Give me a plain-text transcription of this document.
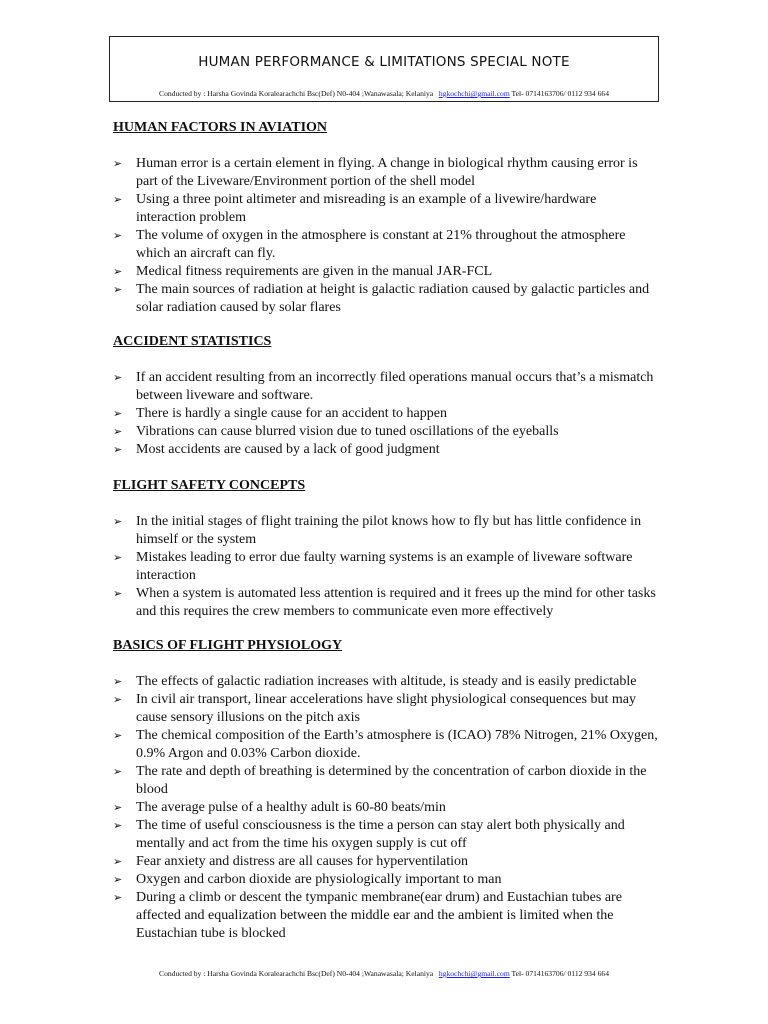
HUMAN PERFORMANCE & LIMITATIONS SPECIAL NOTE
Conducted by : Harsha Govinda Koralearachchi Bsc(Def) N0-404 ;Wanawasala; Kelaniya hgkochchi@gmail.com Tel- 0714163706/ 0112 934 664
HUMAN FACTORS IN AVIATION
➢ Human error is a certain element in flying. A change in biological rhythm causing error is part of the Liveware/Environment portion of the shell model
➢ Using a three point altimeter and misreading is an example of a livewire/hardware interaction problem
➢ The volume of oxygen in the atmosphere is constant at 21% throughout the atmosphere which an aircraft can fly.
➢ Medical fitness requirements are given in the manual JAR-FCL
➢ The main sources of radiation at height is galactic radiation caused by galactic particles and solar radiation caused by solar flares
ACCIDENT STATISTICS
➢ If an accident resulting from an incorrectly filed operations manual occurs that’s a mismatch between liveware and software.
➢ There is hardly a single cause for an accident to happen
➢ Vibrations can cause blurred vision due to tuned oscillations of the eyeballs
➢ Most accidents are caused by a lack of good judgment
FLIGHT SAFETY CONCEPTS
➢ In the initial stages of flight training the pilot knows how to fly but has little confidence in himself or the system
➢ Mistakes leading to error due faulty warning systems is an example of liveware software interaction
➢ When a system is automated less attention is required and it frees up the mind for other tasks and this requires the crew members to communicate even more effectively
BASICS OF FLIGHT PHYSIOLOGY
➢ The effects of galactic radiation increases with altitude, is steady and is easily predictable
➢ In civil air transport, linear accelerations have slight physiological consequences but may cause sensory illusions on the pitch axis
➢ The chemical composition of the Earth’s atmosphere is (ICAO) 78% Nitrogen, 21% Oxygen, 0.9% Argon and 0.03% Carbon dioxide.
➢ The rate and depth of breathing is determined by the concentration of carbon dioxide in the blood
➢ The average pulse of a healthy adult is 60-80 beats/min
➢ The time of useful consciousness is the time a person can stay alert both physically and mentally and act from the time his oxygen supply is cut off
➢ Fear anxiety and distress are all causes for hyperventilation
➢ Oxygen and carbon dioxide are physiologically important to man
➢ During a climb or descent the tympanic membrane(ear drum) and Eustachian tubes are affected and equalization between the middle ear and the ambient is limited when the Eustachian tube is blocked
Conducted by : Harsha Govinda Koralearachchi Bsc(Def) N0-404 ;Wanawasala; Kelaniya hgkochchi@gmail.com Tel- 0714163706/ 0112 934 664
